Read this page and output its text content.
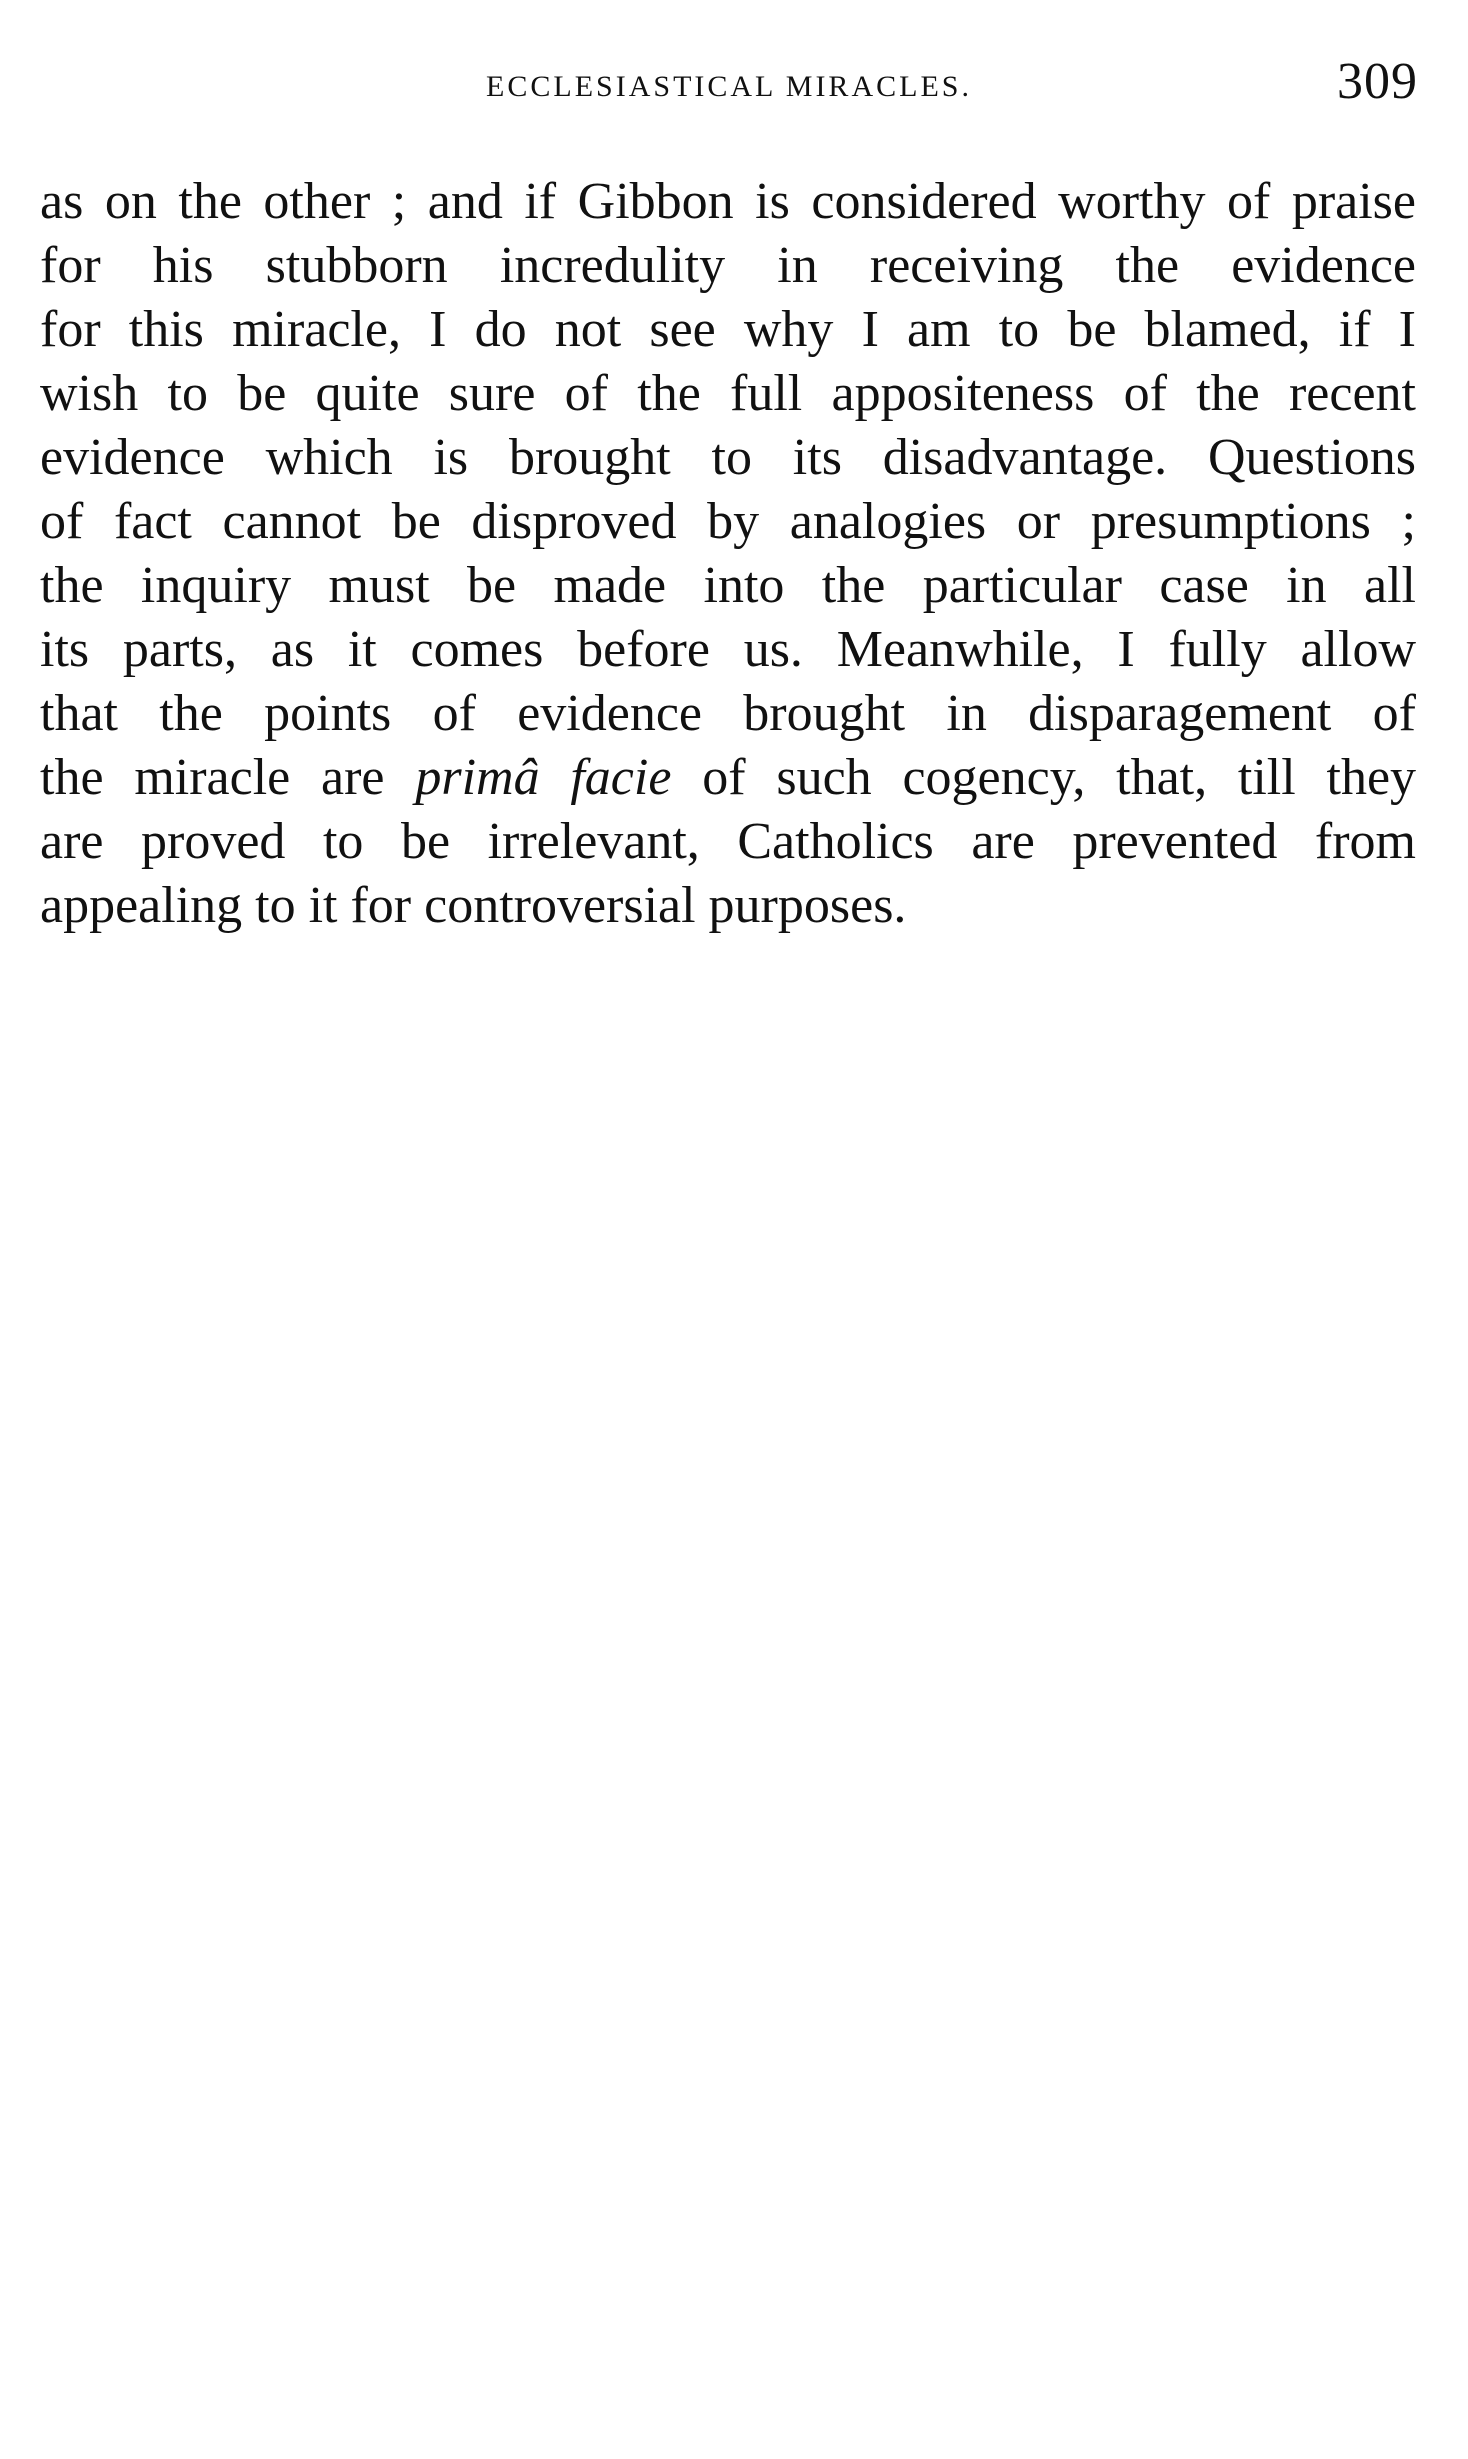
ECCLESIASTICAL MIRACLES.	309
as on the other ; and if Gibbon is considered worthy of praise
for his stubborn incredulity in receiving the evidence
for this miracle, I do not see why I am to be blamed, if I
wish to be quite sure of the full appositeness of the recent
evidence which is brought to its disadvantage. Questions
of fact cannot be disproved by analogies or presumptions ;
the inquiry must be made into the particular case in all
its parts, as it comes before us. Meanwhile, I fully allow
that the points of evidence brought in disparagement of
the miracle are primâ facie of such cogency, that, till they
are proved to be irrelevant, Catholics are prevented from
appealing to it for controversial purposes.
